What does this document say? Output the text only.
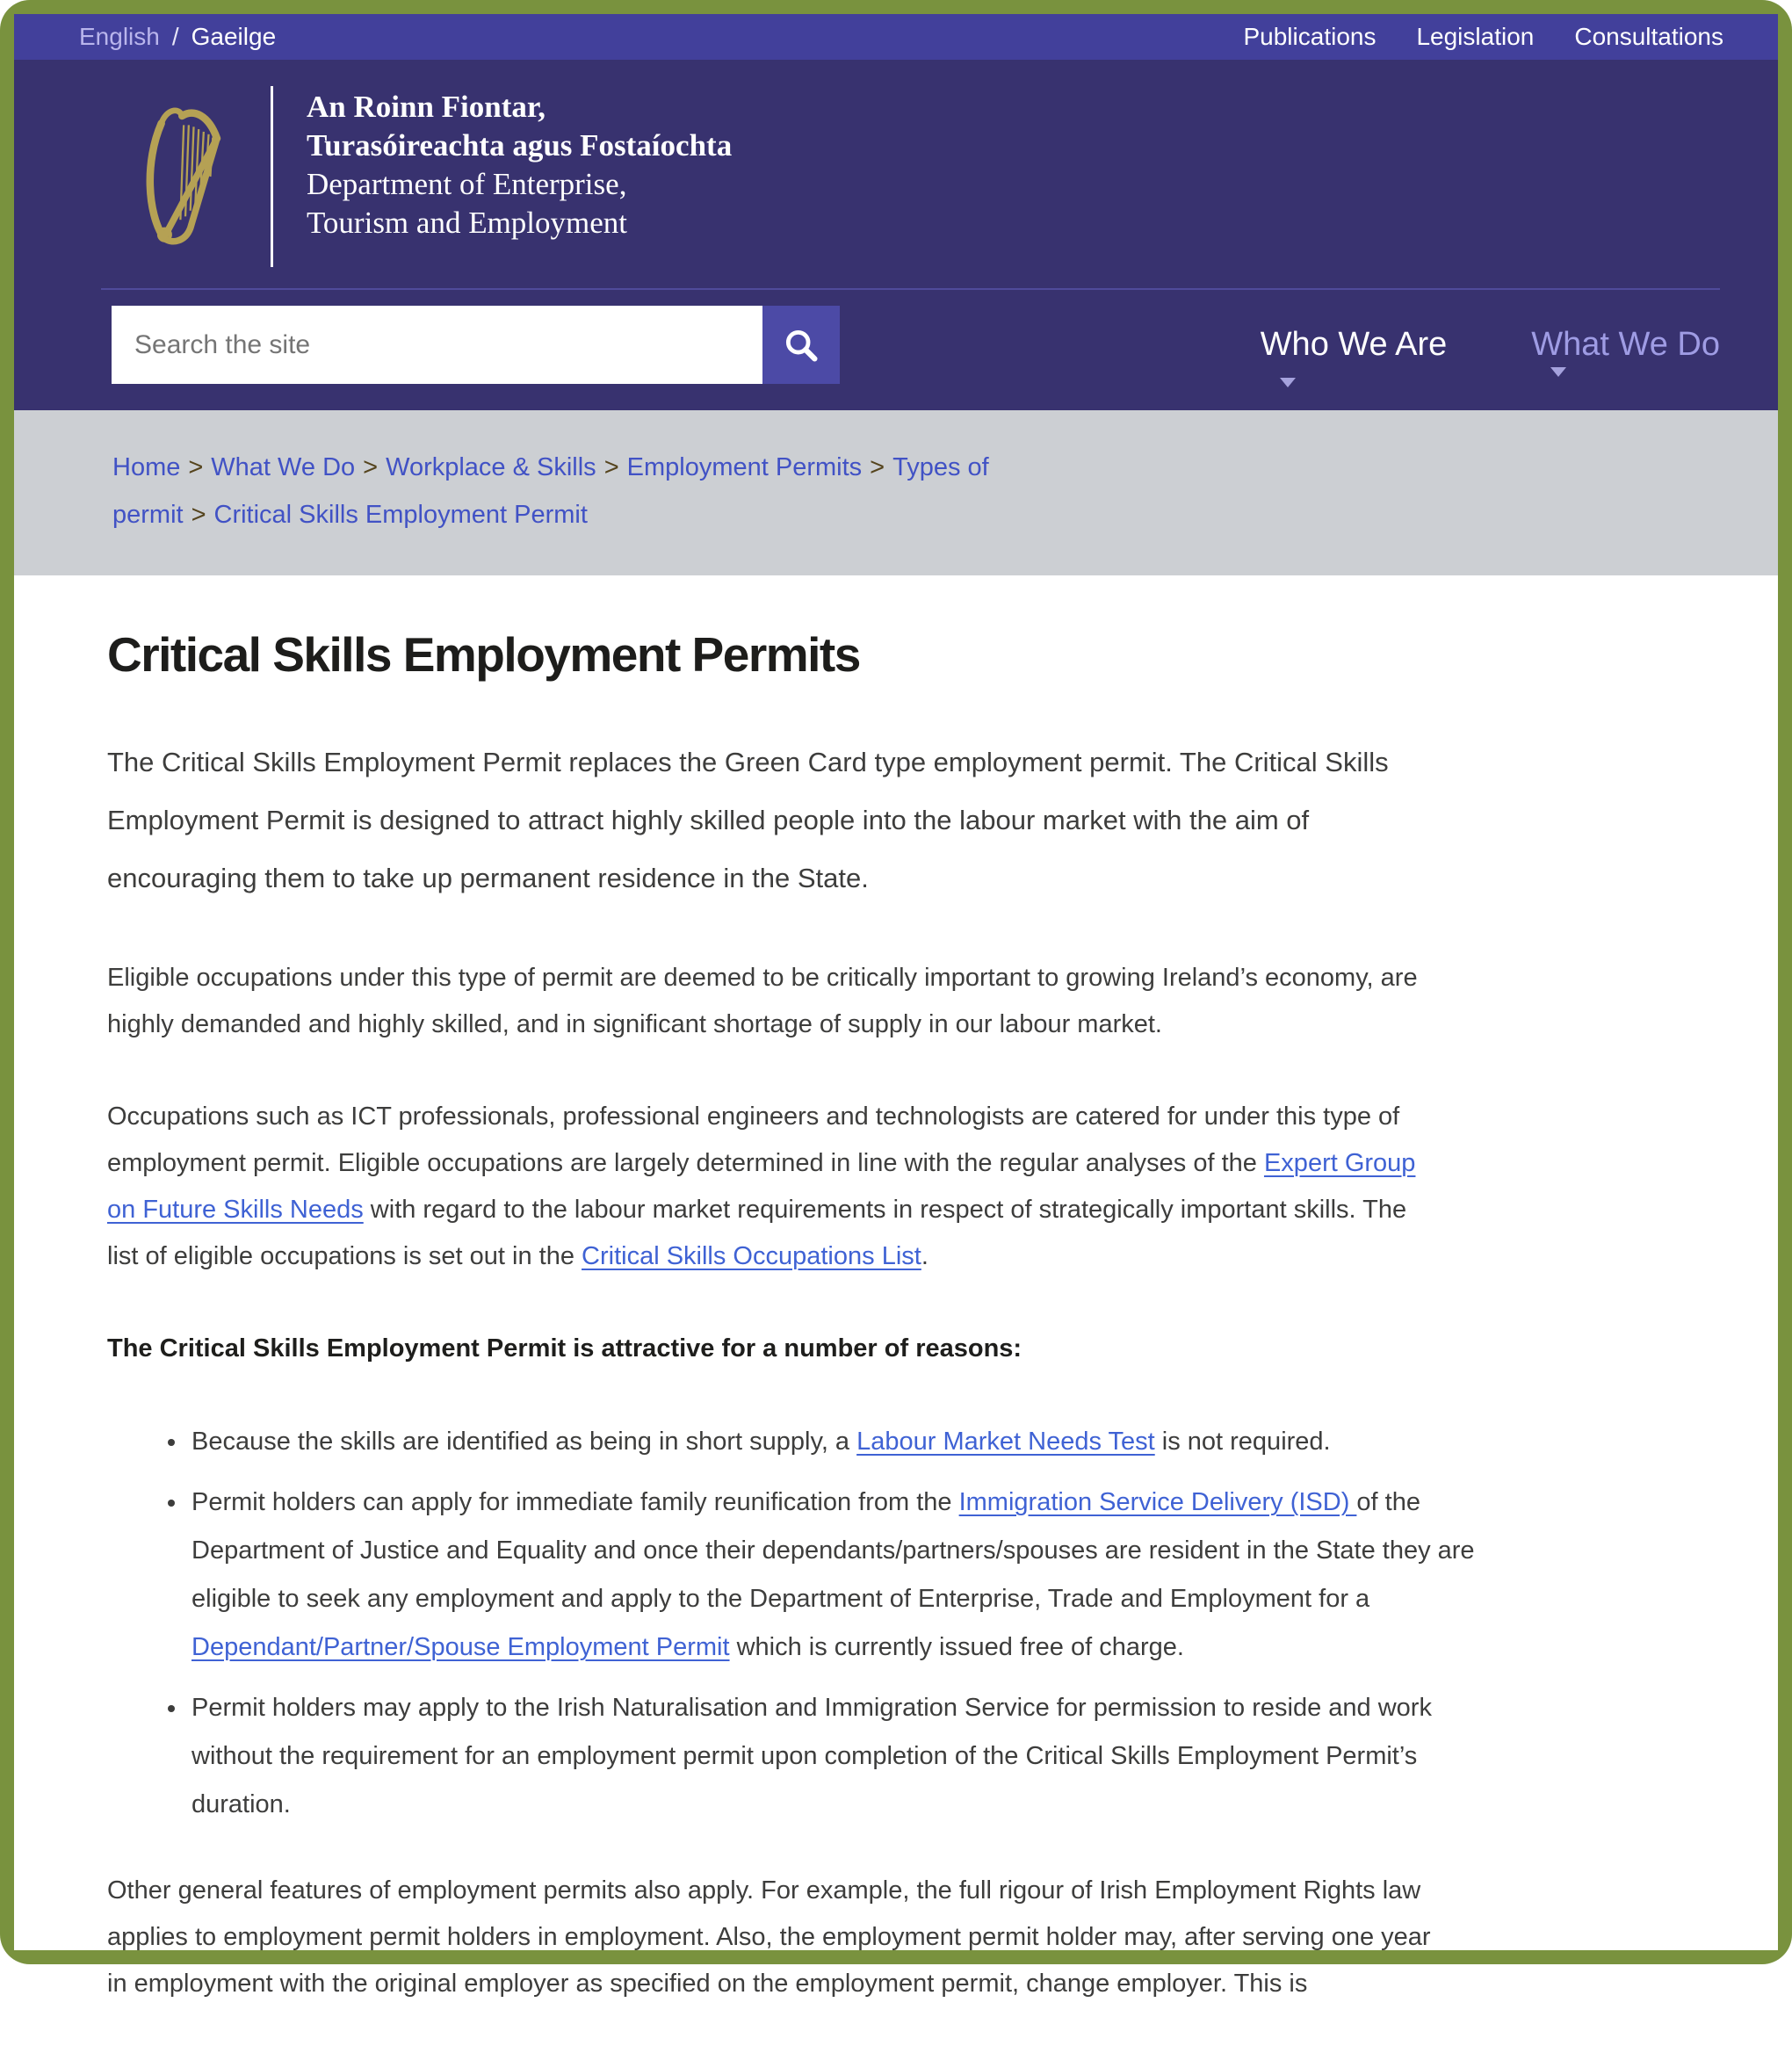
English / Gaeilge	Publications Legislation Consultations
An Roinn Fiontar,
Turasóireachta agus Fostaíochta
Department of Enterprise,
Tourism and Employment
Search the site
Who We Are	What We Do
Home > What We Do > Workplace & Skills > Employment Permits > Types of permit > Critical Skills Employment Permit
Critical Skills Employment Permits

The Critical Skills Employment Permit replaces the Green Card type employment permit. The Critical Skills Employment Permit is designed to attract highly skilled people into the labour market with the aim of encouraging them to take up permanent residence in the State.

Eligible occupations under this type of permit are deemed to be critically important to growing Ireland’s economy, are highly demanded and highly skilled, and in significant shortage of supply in our labour market.

Occupations such as ICT professionals, professional engineers and technologists are catered for under this type of employment permit. Eligible occupations are largely determined in line with the regular analyses of the Expert Group on Future Skills Needs with regard to the labour market requirements in respect of strategically important skills. The list of eligible occupations is set out in the Critical Skills Occupations List.

The Critical Skills Employment Permit is attractive for a number of reasons:

• Because the skills are identified as being in short supply, a Labour Market Needs Test is not required.
• Permit holders can apply for immediate family reunification from the Immigration Service Delivery (ISD) of the Department of Justice and Equality and once their dependants/partners/spouses are resident in the State they are eligible to seek any employment and apply to the Department of Enterprise, Trade and Employment for a Dependant/Partner/Spouse Employment Permit which is currently issued free of charge.
• Permit holders may apply to the Irish Naturalisation and Immigration Service for permission to reside and work without the requirement for an employment permit upon completion of the Critical Skills Employment Permit’s duration.

Other general features of employment permits also apply. For example, the full rigour of Irish Employment Rights law applies to employment permit holders in employment. Also, the employment permit holder may, after serving one year in employment with the original employer as specified on the employment permit, change employer. This is
